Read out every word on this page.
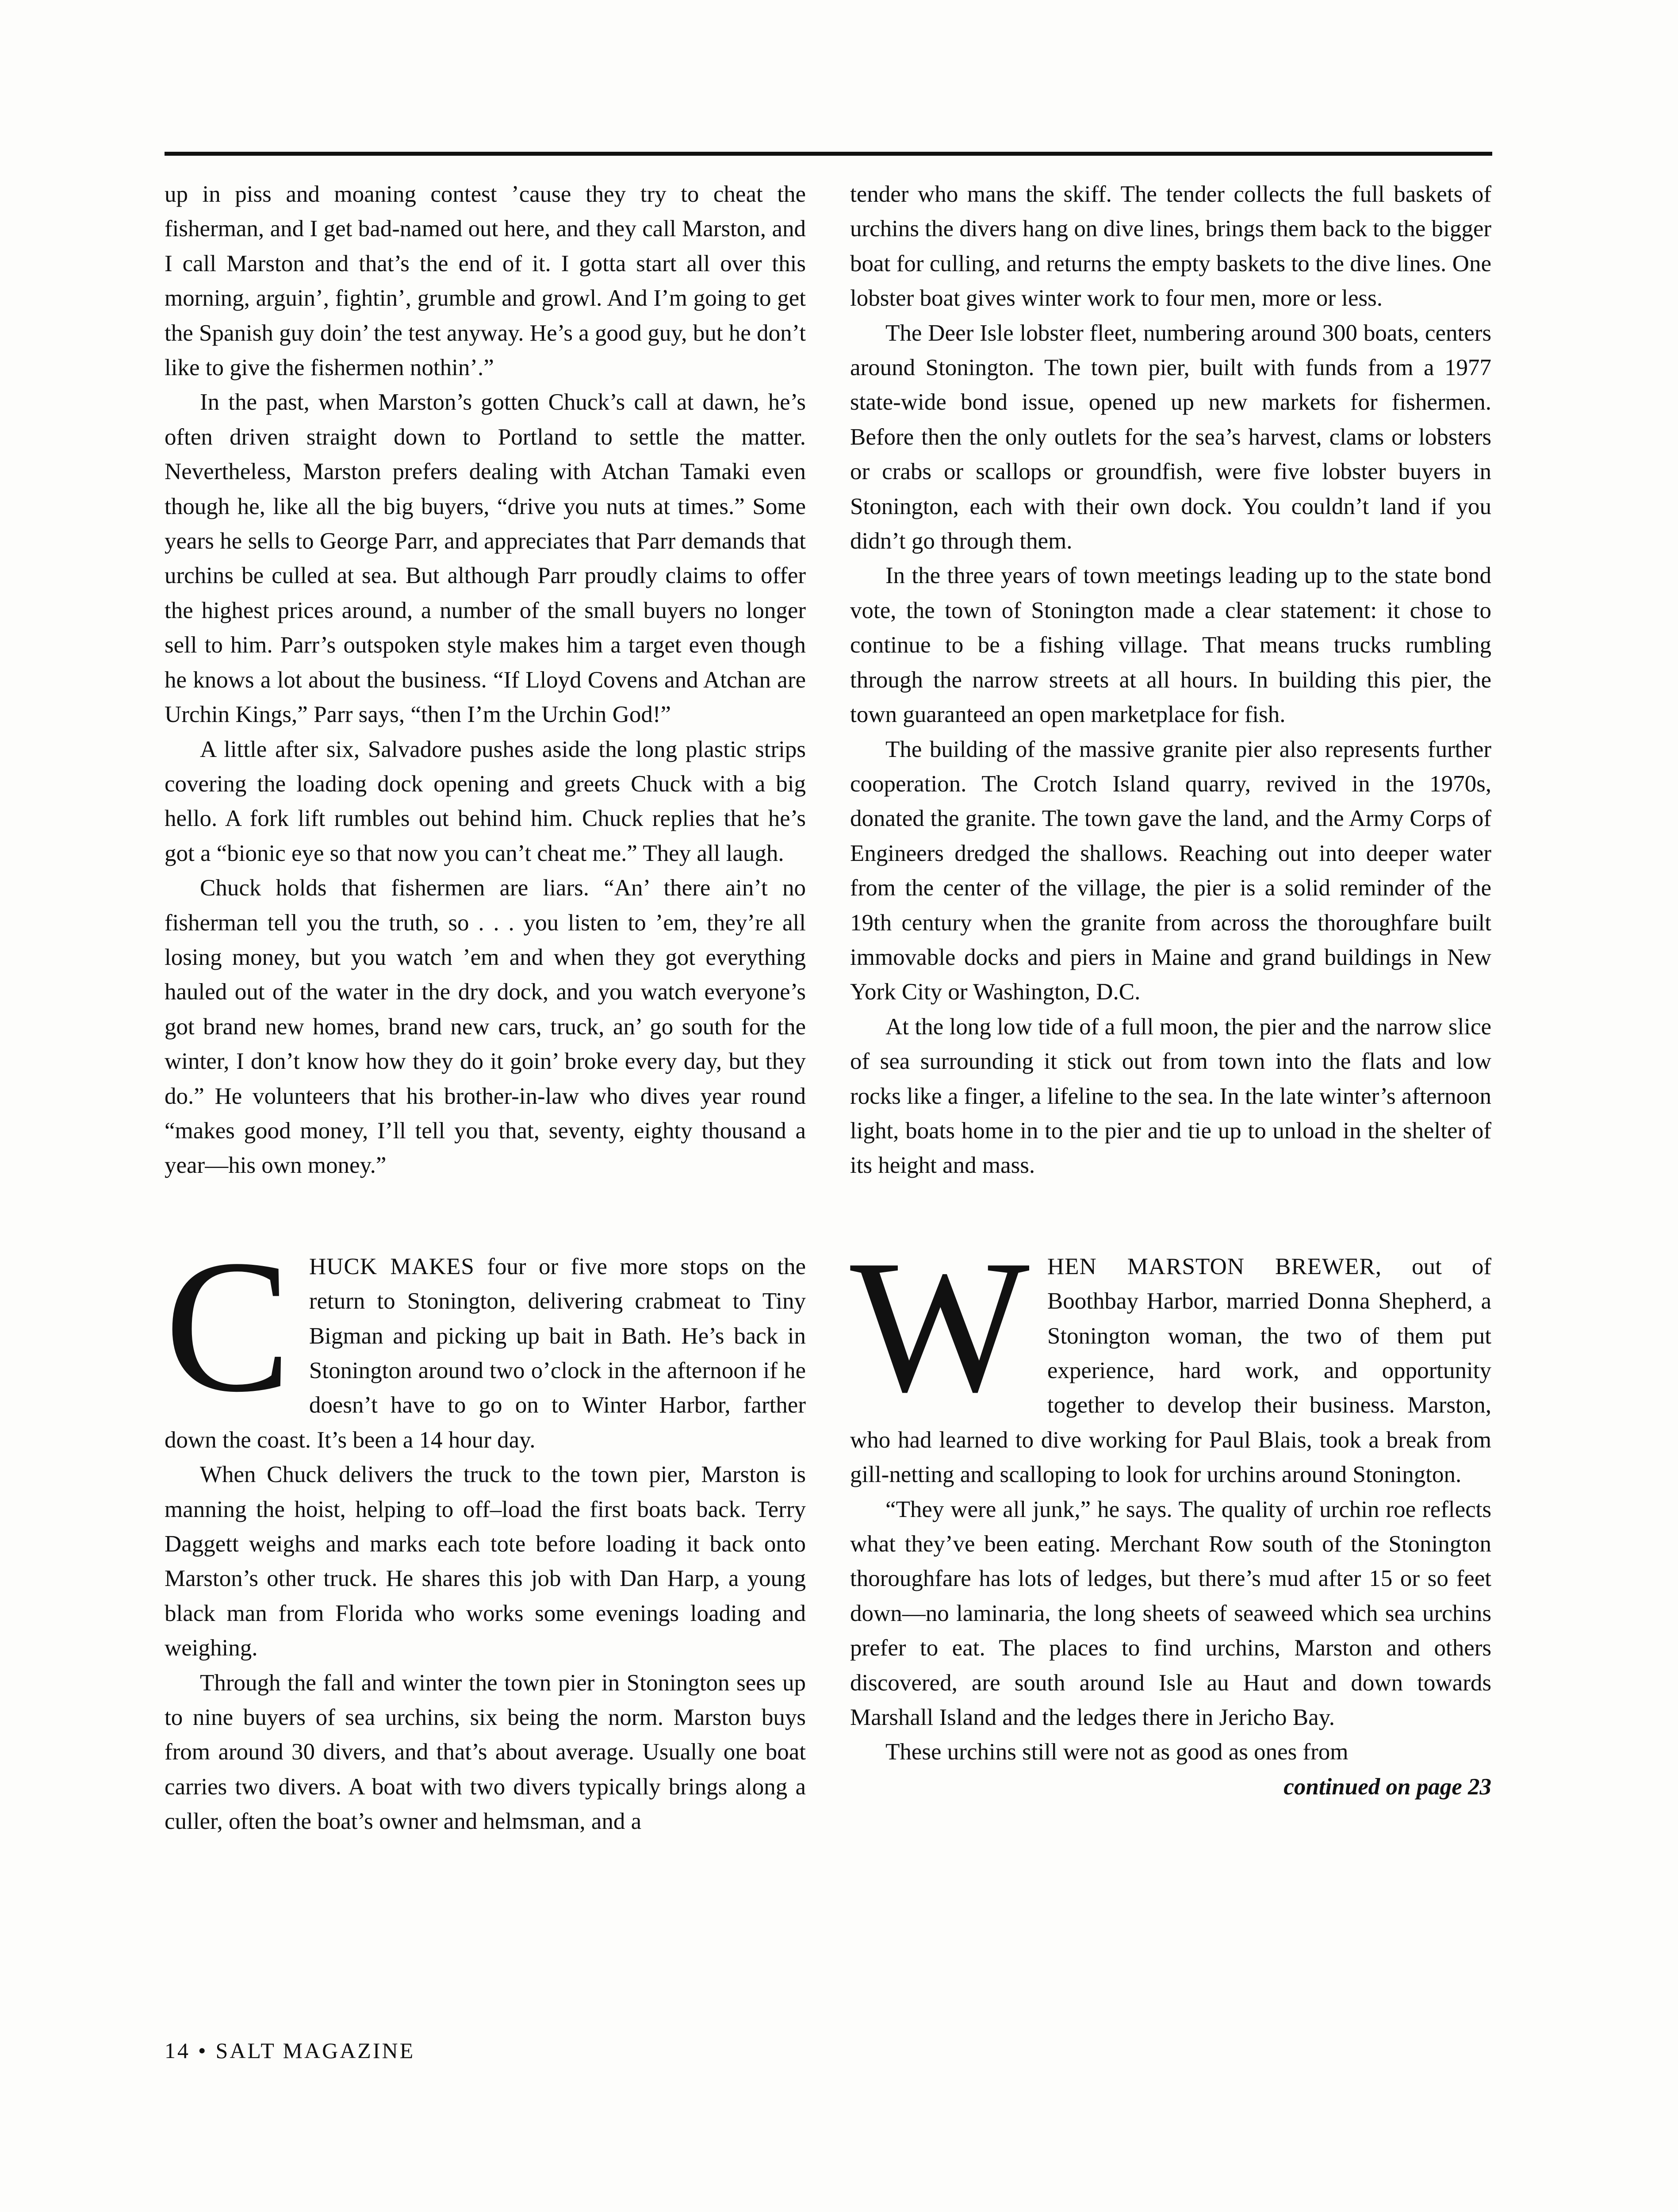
up in piss and moaning contest ’cause they try to cheat the fisherman, and I get bad-named out here, and they call Marston, and I call Marston and that’s the end of it. I gotta start all over this morning, arguin’, fightin’, grumble and growl. And I’m going to get the Spanish guy doin’ the test anyway. He’s a good guy, but he don’t like to give the fishermen nothin’.”

In the past, when Marston’s gotten Chuck’s call at dawn, he’s often driven straight down to Portland to settle the matter. Nevertheless, Marston prefers dealing with Atchan Tamaki even though he, like all the big buyers, “drive you nuts at times.” Some years he sells to George Parr, and appreciates that Parr demands that urchins be culled at sea. But although Parr proudly claims to offer the highest prices around, a number of the small buyers no longer sell to him. Parr’s outspoken style makes him a target even though he knows a lot about the business. “If Lloyd Covens and Atchan are Urchin Kings,” Parr says, “then I’m the Urchin God!”

A little after six, Salvadore pushes aside the long plastic strips covering the loading dock opening and greets Chuck with a big hello. A fork lift rumbles out behind him. Chuck replies that he’s got a “bionic eye so that now you can’t cheat me.” They all laugh.

Chuck holds that fishermen are liars. “An’ there ain’t no fisherman tell you the truth, so . . . you listen to ’em, they’re all losing money, but you watch ’em and when they got everything hauled out of the water in the dry dock, and you watch everyone’s got brand new homes, brand new cars, truck, an’ go south for the winter, I don’t know how they do it goin’ broke every day, but they do.” He volunteers that his brother-in-law who dives year round “makes good money, I’ll tell you that, seventy, eighty thousand a year—his own money.”

CHUCK MAKES four or five more stops on the return to Stonington, delivering crabmeat to Tiny Bigman and picking up bait in Bath. He’s back in Stonington around two o’clock in the afternoon if he doesn’t have to go on to Winter Harbor, farther down the coast. It’s been a 14 hour day.

When Chuck delivers the truck to the town pier, Marston is manning the hoist, helping to off–load the first boats back. Terry Daggett weighs and marks each tote before loading it back onto Marston’s other truck. He shares this job with Dan Harp, a young black man from Florida who works some evenings loading and weighing.

Through the fall and winter the town pier in Stonington sees up to nine buyers of sea urchins, six being the norm. Marston buys from around 30 divers, and that’s about average. Usually one boat carries two divers. A boat with two divers typically brings along a culler, often the boat’s owner and helmsman, and a

tender who mans the skiff. The tender collects the full baskets of urchins the divers hang on dive lines, brings them back to the bigger boat for culling, and returns the empty baskets to the dive lines. One lobster boat gives winter work to four men, more or less.

The Deer Isle lobster fleet, numbering around 300 boats, centers around Stonington. The town pier, built with funds from a 1977 state-wide bond issue, opened up new markets for fishermen. Before then the only outlets for the sea’s harvest, clams or lobsters or crabs or scallops or groundfish, were five lobster buyers in Stonington, each with their own dock. You couldn’t land if you didn’t go through them.

In the three years of town meetings leading up to the state bond vote, the town of Stonington made a clear statement: it chose to continue to be a fishing village. That means trucks rumbling through the narrow streets at all hours. In building this pier, the town guaranteed an open marketplace for fish.

The building of the massive granite pier also represents further cooperation. The Crotch Island quarry, revived in the 1970s, donated the granite. The town gave the land, and the Army Corps of Engineers dredged the shallows. Reaching out into deeper water from the center of the village, the pier is a solid reminder of the 19th century when the granite from across the thoroughfare built immovable docks and piers in Maine and grand buildings in New York City or Washington, D.C.

At the long low tide of a full moon, the pier and the narrow slice of sea surrounding it stick out from town into the flats and low rocks like a finger, a lifeline to the sea. In the late winter’s afternoon light, boats home in to the pier and tie up to unload in the shelter of its height and mass.

WHEN MARSTON BREWER, out of Boothbay Harbor, married Donna Shepherd, a Stonington woman, the two of them put experience, hard work, and opportunity together to develop their business. Marston, who had learned to dive working for Paul Blais, took a break from gill-netting and scalloping to look for urchins around Stonington.

“They were all junk,” he says. The quality of urchin roe reflects what they’ve been eating. Merchant Row south of the Stonington thoroughfare has lots of ledges, but there’s mud after 15 or so feet down—no laminaria, the long sheets of seaweed which sea urchins prefer to eat. The places to find urchins, Marston and others discovered, are south around Isle au Haut and down towards Marshall Island and the ledges there in Jericho Bay.

These urchins still were not as good as ones from

continued on page 23

14 • SALT MAGAZINE
